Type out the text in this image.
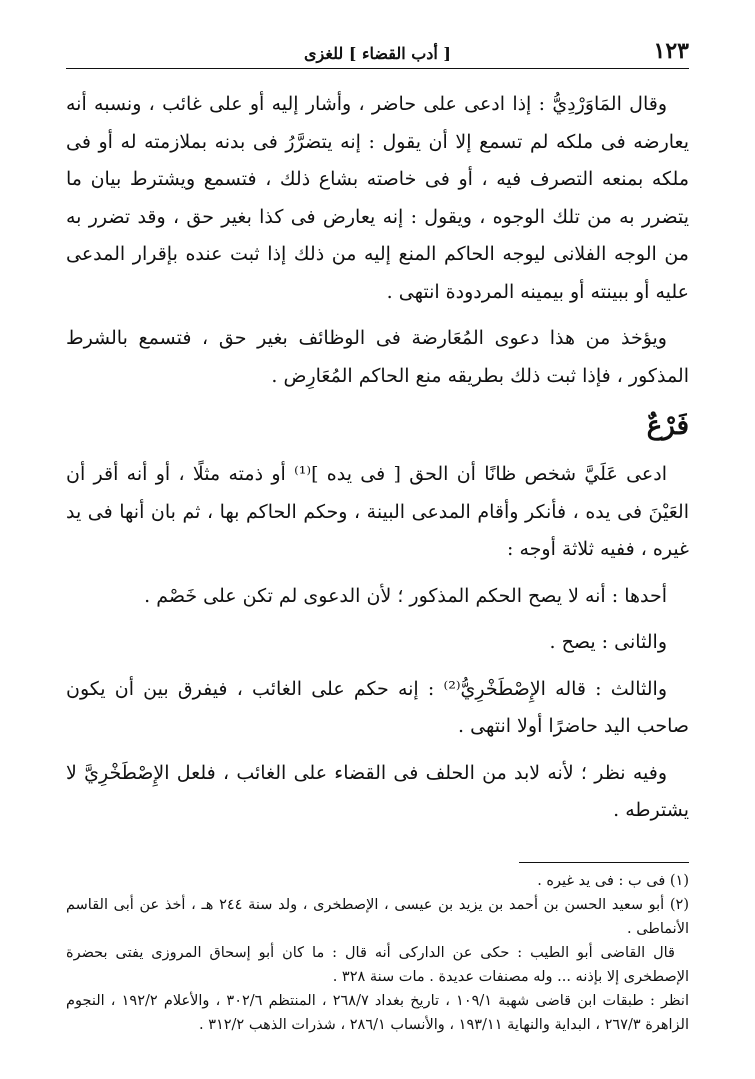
١٢٣
[ أدب القضاء ] للغزى

وقال المَاوَرْدِيُّ : إذا ادعى على حاضر ، وأشار إليه أو على غائب ، ونسبه أنه يعارضه فى ملكه لم تسمع إلا أن يقول : إنه يتضرَّرُ فى بدنه بملازمته له أو فى ملكه بمنعه التصرف فيه ، أو فى خاصته بشاع ذلك ، فتسمع ويشترط بيان ما يتضرر به من تلك الوجوه ، ويقول : إنه يعارض فى كذا بغير حق ، وقد تضرر به من الوجه الفلانى ليوجه الحاكم المنع إليه من ذلك إذا ثبت عنده بإقرار المدعى عليه أو ببينته أو بيمينه المردودة انتهى .

ويؤخذ من هذا دعوى المُعَارضة فى الوظائف بغير حق ، فتسمع بالشرط المذكور ، فإذا ثبت ذلك بطريقه منع الحاكم المُعَارِض .

فَرْعٌ

ادعى عَلَيَّ شخص ظانًا أن الحق [ فى يده ]⁽¹⁾ أو ذمته مثلًا ، أو أنه أقر أن العَيْنَ فى يده ، فأنكر وأقام المدعى البينة ، وحكم الحاكم بها ، ثم بان أنها فى يد غيره ، ففيه ثلاثة أوجه :

أحدها : أنه لا يصح الحكم المذكور ؛ لأن الدعوى لم تكن على خَصْم .

والثانى : يصح .

والثالث : قاله الإِصْطَخْرِيُّ⁽²⁾ : إنه حكم على الغائب ، فيفرق بين أن يكون صاحب اليد حاضرًا أولا انتهى .

وفيه نظر ؛ لأنه لابد من الحلف فى القضاء على الغائب ، فلعل الإِصْطَخْرِيَّ لا يشترطه .

(١) فى ب : فى يد غيره .

(٢) أبو سعيد الحسن بن أحمد بن يزيد بن عيسى ، الإصطخرى ، ولد سنة ٢٤٤ هـ ، أخذ عن أبى القاسم الأنماطى .

قال القاضى أبو الطيب : حكى عن الداركى أنه قال : ما كان أبو إسحاق المروزى يفتى بحضرة الإصطخرى إلا بإذنه ... وله مصنفات عديدة . مات سنة ٣٢٨ .

انظر : طبقات ابن قاضى شهبة ١٠٩/١ ، تاريخ بغداد ٢٦٨/٧ ، المنتظم ٣٠٢/٦ ، والأعلام ١٩٢/٢ ، النجوم الزاهرة ٢٦٧/٣ ، البداية والنهاية ١٩٣/١١ ، والأنساب ٢٨٦/١ ، شذرات الذهب ٣١٢/٢ .
